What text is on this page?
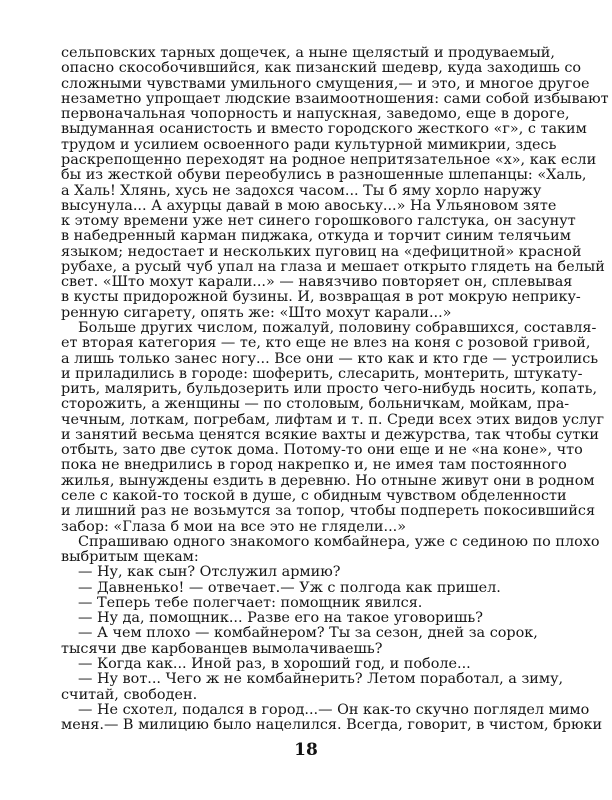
сельповских тарных дощечек, а ныне щелястый и продуваемый,
опасно скособочившийся, как пизанский шедевр, куда заходишь со
сложными чувствами умильного смущения,— и это, и многое другое
незаметно упрощает людские взаимоотношения: сами собой избывают
первоначальная чопорность и напускная, заведомо, еще в дороге,
выдуманная осанистость и вместо городского жесткого «г», с таким
трудом и усилием освоенного ради культурной мимикрии, здесь
раскрепощенно переходят на родное непритязательное «х», как если
бы из жесткой обуви переобулись в разношенные шлепанцы: «Халь,
а Халь! Хлянь, хусь не задохся часом... Ты б яму хорло наружу
высунула... А ахурцы давай в мою авоську...» На Ульяновом зяте
к этому времени уже нет синего горошкового галстука, он засунут
в набедренный карман пиджака, откуда и торчит синим телячьим
языком; недостает и нескольких пуговиц на «дефицитной» красной
рубахе, а русый чуб упал на глаза и мешает открыто глядеть на белый
свет. «Што мохут карали...» — навязчиво повторяет он, сплевывая
в кусты придорожной бузины. И, возвращая в рот мокрую неприку-
ренную сигарету, опять же: «Што мохут карали...»
Больше других числом, пожалуй, половину собравшихся, составля-
ет вторая категория — те, кто еще не влез на коня с розовой гривой,
а лишь только занес ногу... Все они — кто как и кто где — устроились
и приладились в городе: шоферить, слесарить, монтерить, штукату-
рить, малярить, бульдозерить или просто чего-нибудь носить, копать,
сторожить, а женщины — по столовым, больничкам, мойкам, пра-
чечным, лоткам, погребам, лифтам и т. п. Среди всех этих видов услуг
и занятий весьма ценятся всякие вахты и дежурства, так чтобы сутки
отбыть, зато две суток дома. Потому-то они еще и не «на коне», что
пока не внедрились в город накрепко и, не имея там постоянного
жилья, вынуждены ездить в деревню. Но отныне живут они в родном
селе с какой-то тоской в душе, с обидным чувством обделенности
и лишний раз не возьмутся за топор, чтобы подпереть покосившийся
забор: «Глаза б мои на все это не глядели...»
Спрашиваю одного знакомого комбайнера, уже с сединою по плохо
выбритым щекам:
— Ну, как сын? Отслужил армию?
— Давненько! — отвечает.— Уж с полгода как пришел.
— Теперь тебе полегчает: помощник явился.
— Ну да, помощник... Разве его на такое уговоришь?
— А чем плохо — комбайнером? Ты за сезон, дней за сорок,
тысячи две карбованцев вымолачиваешь?
— Когда как... Иной раз, в хороший год, и поболе...
— Ну вот... Чего ж не комбайнерить? Летом поработал, а зиму,
считай, свободен.
— Не схотел, подался в город...— Он как-то скучно поглядел мимо
меня.— В милицию было нацелился. Всегда, говорит, в чистом, брюки
18
